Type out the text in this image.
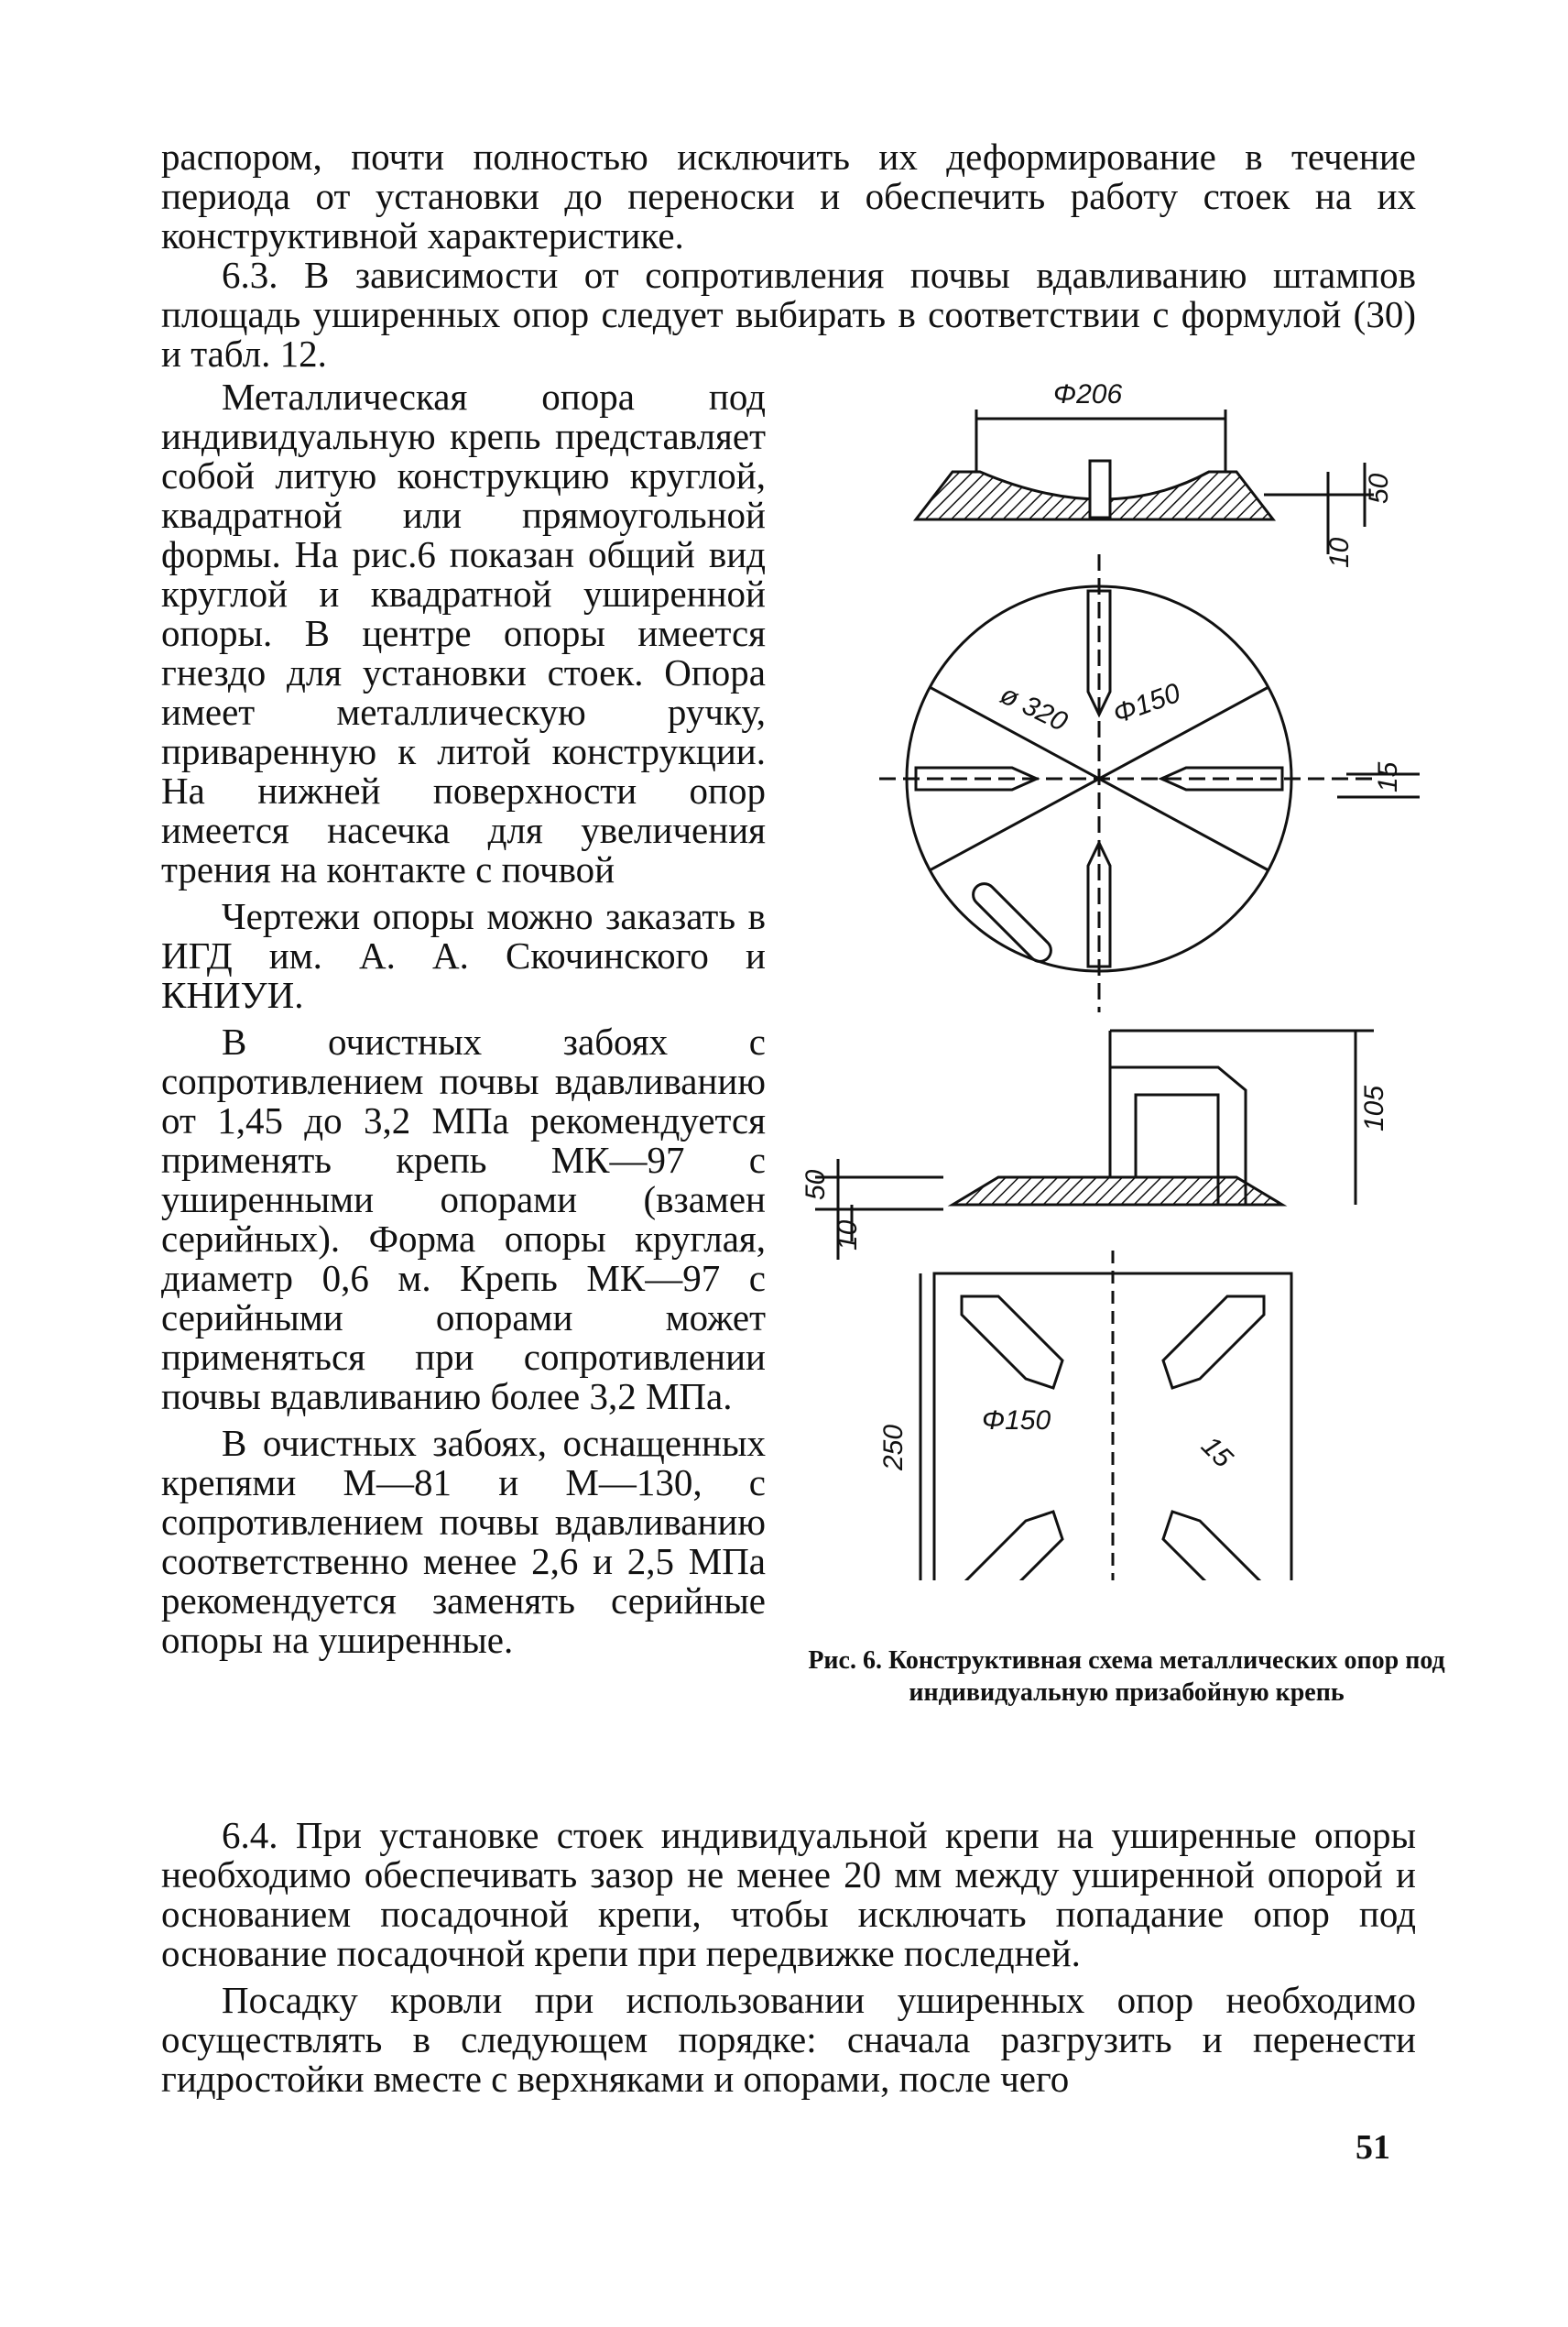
распором, почти полностью исключить их деформирование в течение периода от установки до переноски и обеспечить работу стоек на их конструктивной характеристике.

6.3. В зависимости от сопротивления почвы вдавливанию штампов площадь уширенных опор следует выбирать в соответствии с формулой (30) и табл. 12.

Металлическая опора под индивидуальную крепь представляет собой литую конструкцию круглой, квадратной или прямоугольной формы. На рис.6 показан общий вид круглой и квадратной уширенной опоры. В центре опоры имеется гнездо для установки стоек. Опора имеет металлическую ручку, приваренную к литой конструкции. На нижней поверхности опор имеется насечка для увеличения трения на контакте с почвой

Чертежи опоры можно заказать в ИГД им. А. А. Скочинского и КНИУИ.

В очистных забоях с сопротивлением почвы вдавливанию от 1,45 до 3,2 МПа рекомендуется применять крепь МК—97 с уширенными опорами (взамен серийных). Форма опоры круглая, диаметр 0,6 м. Крепь МК—97 с серийными опорами может применяться при сопротивлении почвы вдавливанию более 3,2 МПа.

В очистных забоях, оснащенных крепями М—81 и М—130, с сопротивлением почвы вдавливанию соответственно менее 2,6 и 2,5 МПа рекомендуется заменять серийные опоры на уширенные.

Φ206
50
10
ø 320 Φ150
15
105
50
10
250
Φ150
15
Рис. 6. Конструктивная схема металлических опор под индивидуальную призабойную крепь

6.4. При установке стоек индивидуальной крепи на уширенные опоры необходимо обеспечивать зазор не менее 20 мм между уширенной опорой и основанием посадочной крепи, чтобы исключать попадание опор под основание посадочной крепи при передвижке последней.

Посадку кровли при использовании уширенных опор необходимо осуществлять в следующем порядке: сначала разгрузить и перенести гидростойки вместе с верхняками и опорами, после чего

51
